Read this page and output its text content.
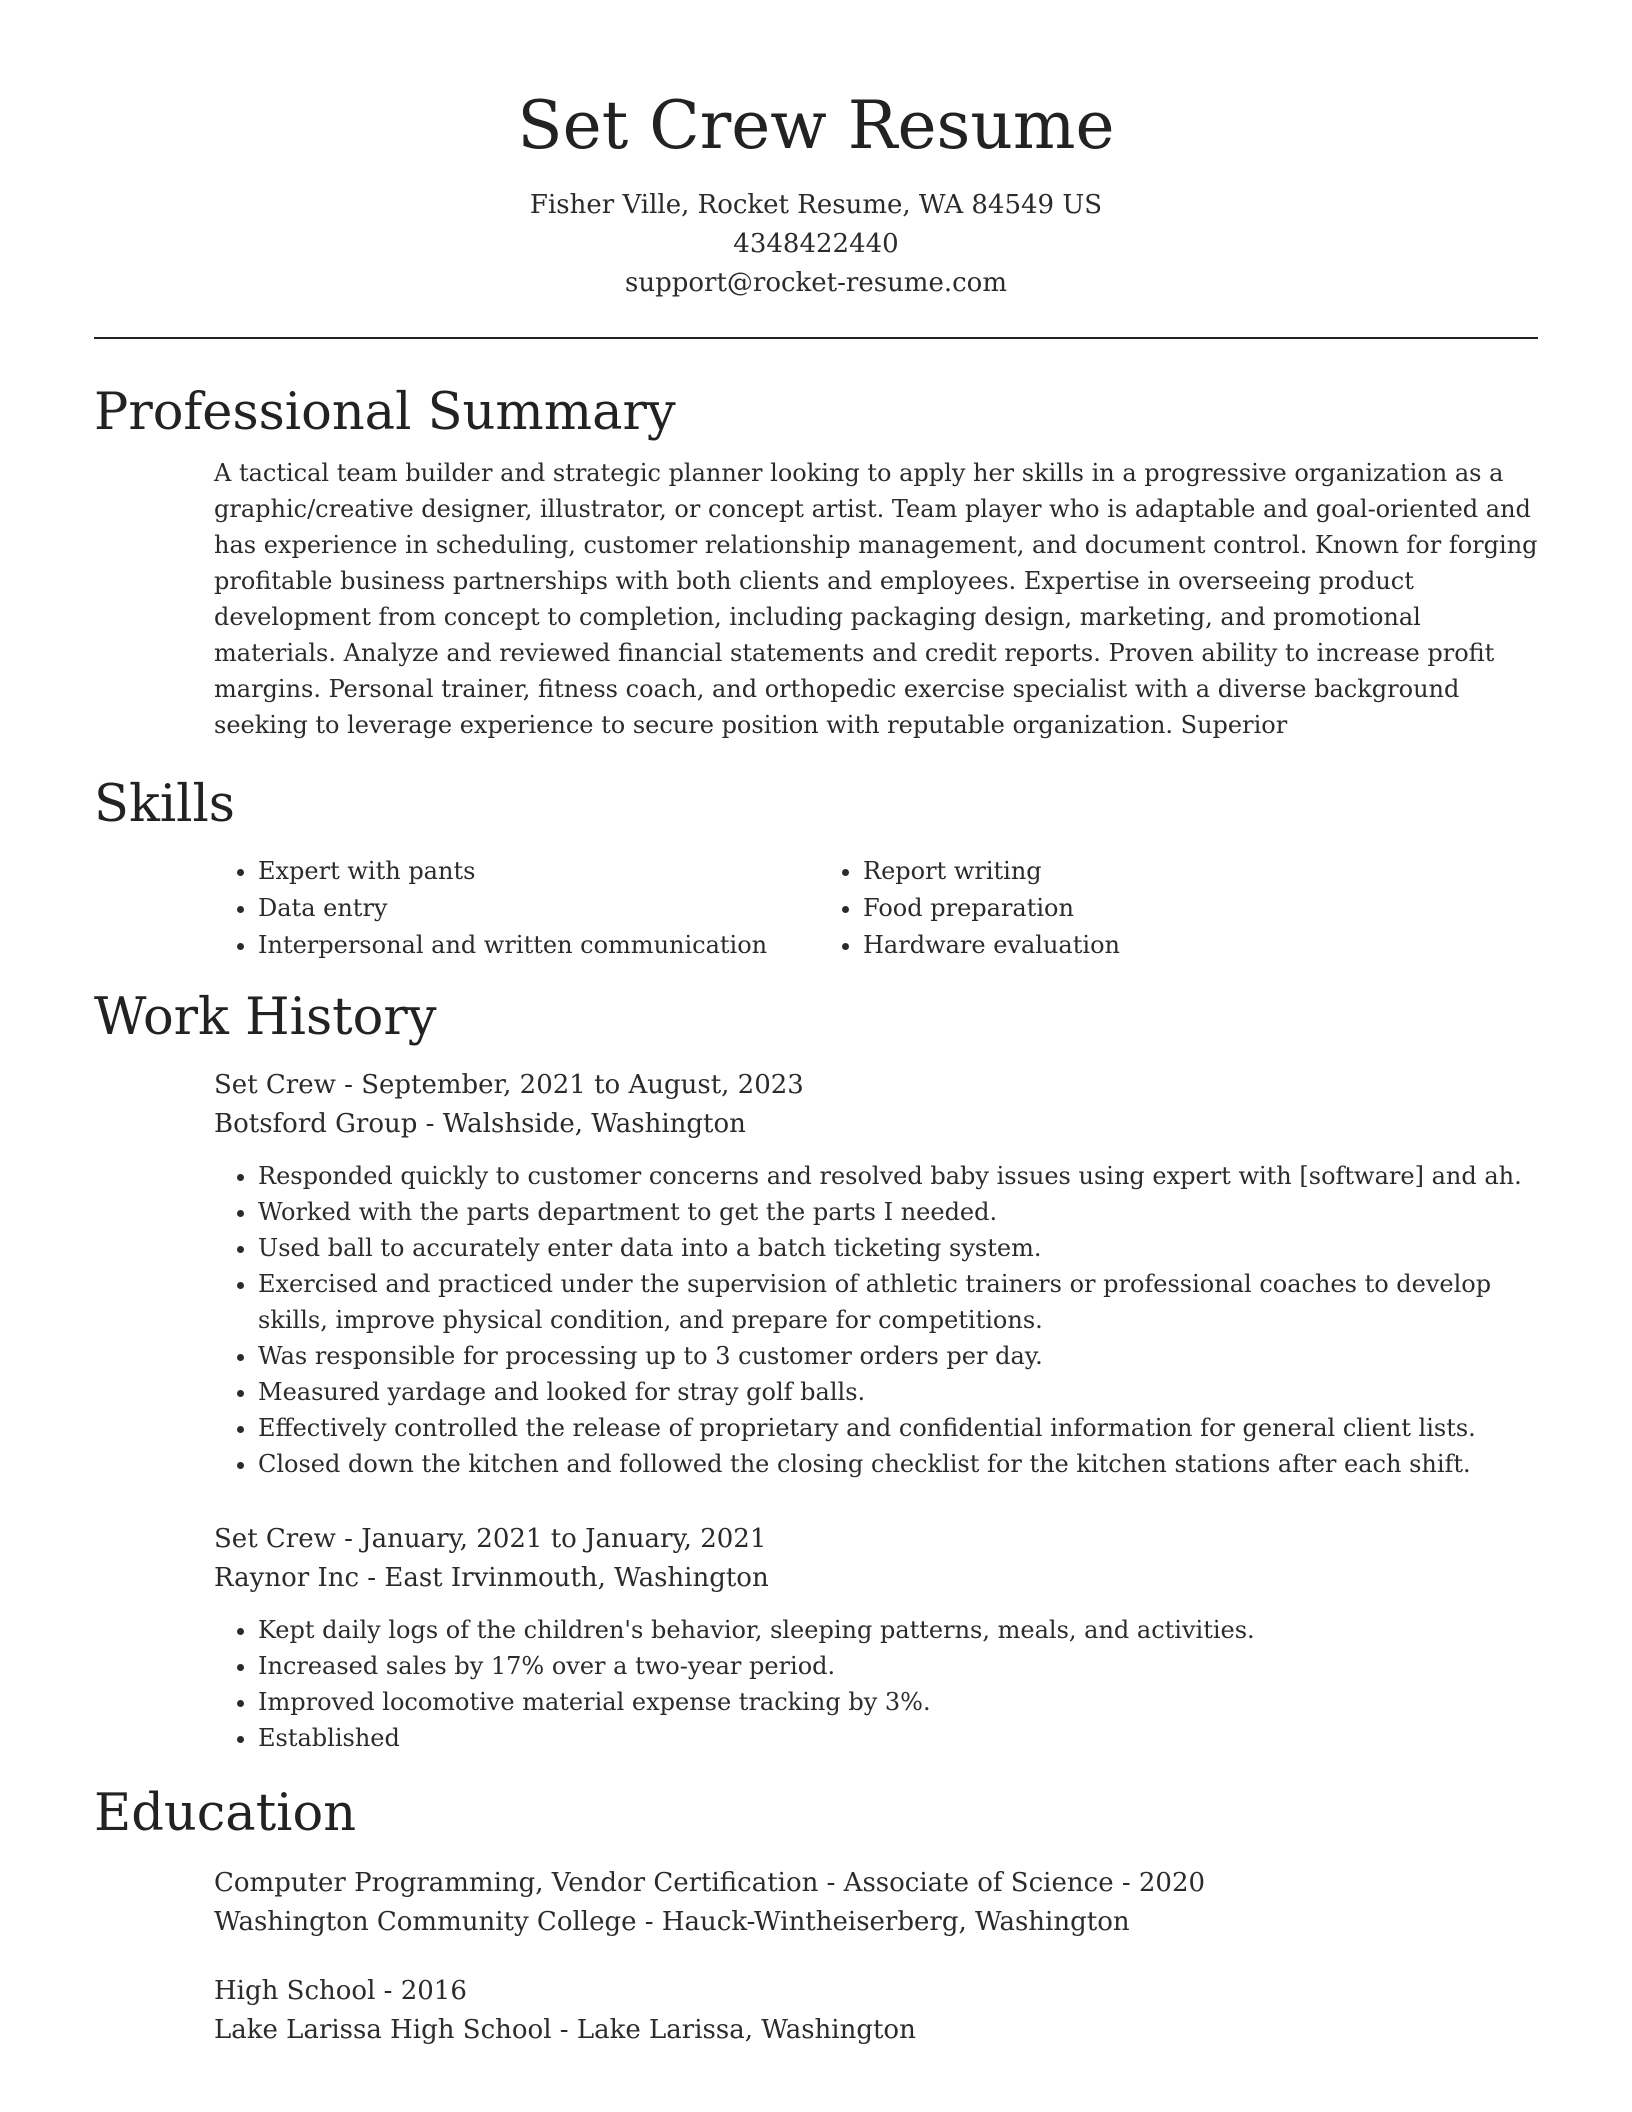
Set Crew Resume
Fisher Ville, Rocket Resume, WA 84549 US
4348422440
support@rocket-resume.com
Professional Summary

A tactical team builder and strategic planner looking to apply her skills in a progressive organization as a graphic/creative designer, illustrator, or concept artist. Team player who is adaptable and goal-oriented and has experience in scheduling, customer relationship management, and document control. Known for forging profitable business partnerships with both clients and employees. Expertise in overseeing product development from concept to completion, including packaging design, marketing, and promotional materials. Analyze and reviewed financial statements and credit reports. Proven ability to increase profit margins. Personal trainer, fitness coach, and orthopedic exercise specialist with a diverse background seeking to leverage experience to secure position with reputable organization. Superior

Skills
• Expert with pants
• Data entry
• Interpersonal and written communication
• Report writing
• Food preparation
• Hardware evaluation
Work History
Set Crew - September, 2021 to August, 2023
Botsford Group - Walshside, Washington
• Responded quickly to customer concerns and resolved baby issues using expert with [software] and ah.
• Worked with the parts department to get the parts I needed.
• Used ball to accurately enter data into a batch ticketing system.
• Exercised and practiced under the supervision of athletic trainers or professional coaches to develop skills, improve physical condition, and prepare for competitions.
• Was responsible for processing up to 3 customer orders per day.
• Measured yardage and looked for stray golf balls.
• Effectively controlled the release of proprietary and confidential information for general client lists.
• Closed down the kitchen and followed the closing checklist for the kitchen stations after each shift.
Set Crew - January, 2021 to January, 2021
Raynor Inc - East Irvinmouth, Washington
• Kept daily logs of the children's behavior, sleeping patterns, meals, and activities.
• Increased sales by 17% over a two-year period.
• Improved locomotive material expense tracking by 3%.
• Established
Education
Computer Programming, Vendor Certification - Associate of Science - 2020
Washington Community College - Hauck-Wintheiserberg, Washington
High School - 2016
Lake Larissa High School - Lake Larissa, Washington
